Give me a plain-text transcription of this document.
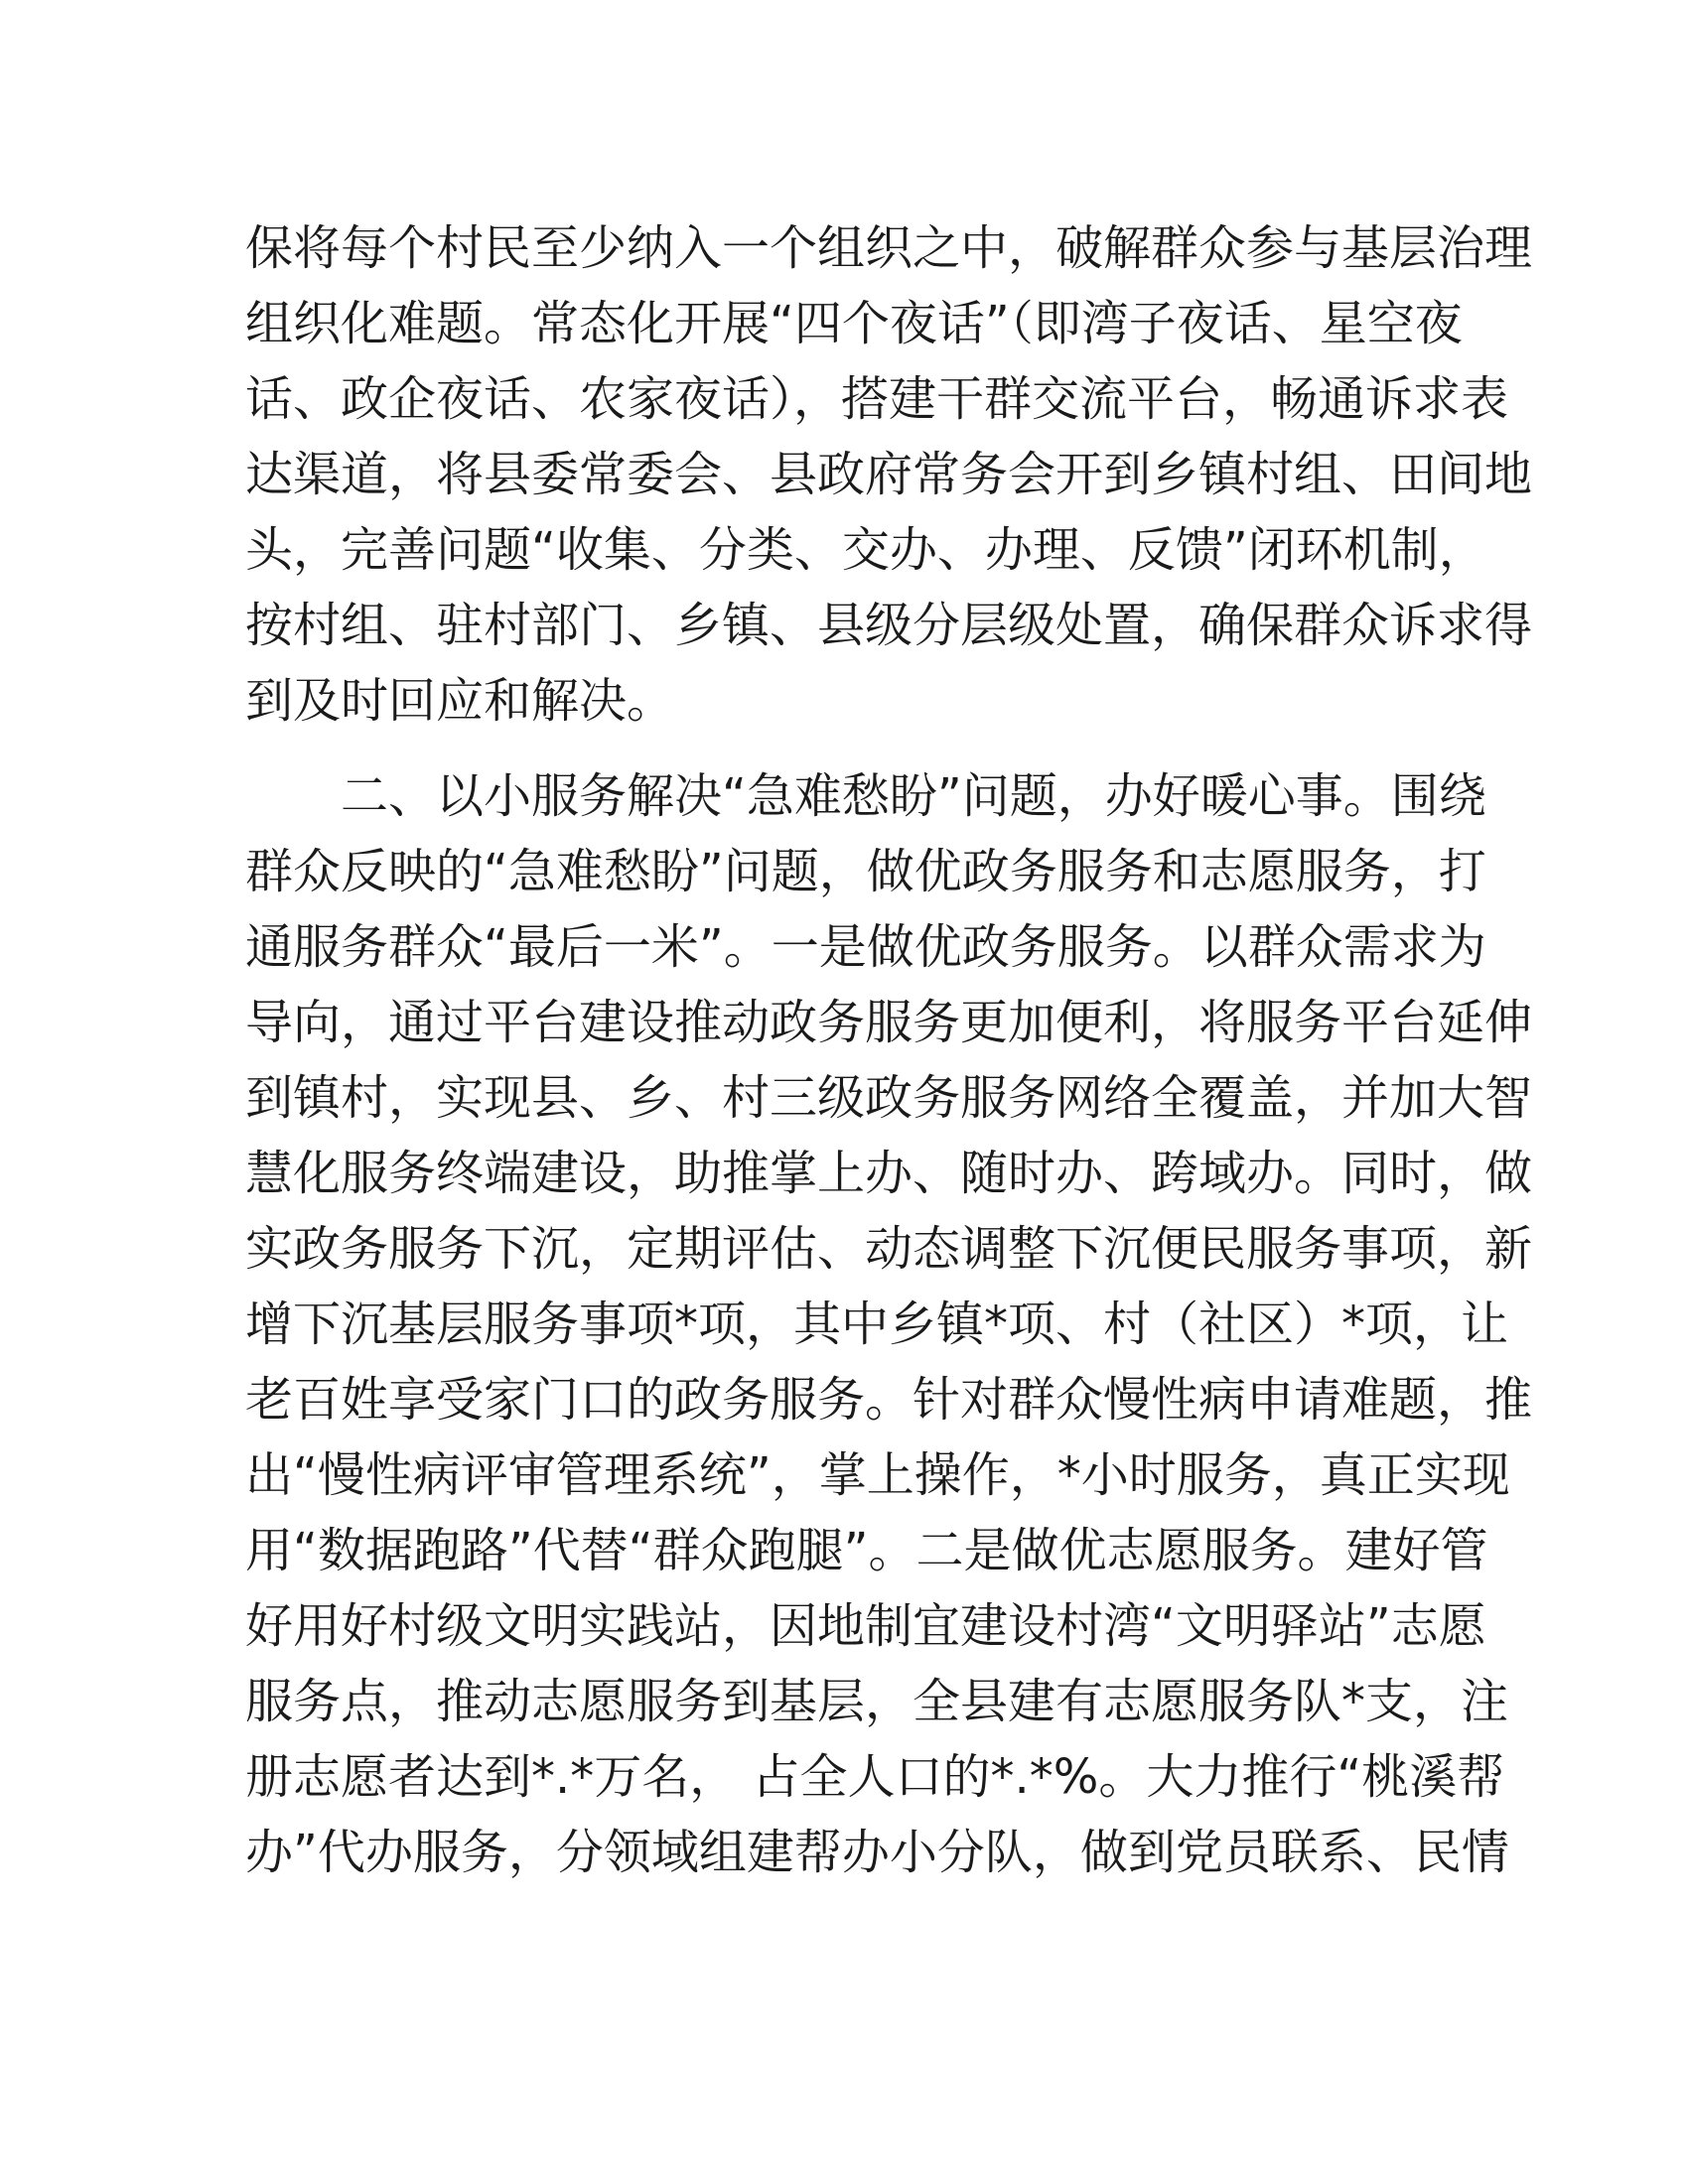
保将每个村民至少纳入一个组织之中，破解群众参与基层治理
组织化难题。常态化开展“四个夜话”（即湾子夜话、星空夜
话、政企夜话、农家夜话），搭建干群交流平台，畅通诉求表
达渠道，将县委常委会、县政府常务会开到乡镇村组、田间地
头，完善问题“收集、分类、交办、办理、反馈”闭环机制，
按村组、驻村部门、乡镇、县级分层级处置，确保群众诉求得
到及时回应和解决。
二、以小服务解决“急难愁盼”问题，办好暖心事。围绕
群众反映的“急难愁盼”问题，做优政务服务和志愿服务，打
通服务群众“最后一米”。一是做优政务服务。以群众需求为
导向，通过平台建设推动政务服务更加便利，将服务平台延伸
到镇村，实现县、乡、村三级政务服务网络全覆盖，并加大智
慧化服务终端建设，助推掌上办、随时办、跨域办。同时，做
实政务服务下沉，定期评估、动态调整下沉便民服务事项，新
增下沉基层服务事项*项，其中乡镇*项、村（社区）*项，让
老百姓享受家门口的政务服务。针对群众慢性病申请难题，推
出“慢性病评审管理系统”，掌上操作，*小时服务，真正实现
用“数据跑路”代替“群众跑腿”。二是做优志愿服务。建好管
好用好村级文明实践站，因地制宜建设村湾“文明驿站”志愿
服务点，推动志愿服务到基层，全县建有志愿服务队*支，注
册志愿者达到*.*万名， 占全人口的*.*%。大力推行“桃溪帮
办”代办服务，分领域组建帮办小分队，做到党员联系、民情
